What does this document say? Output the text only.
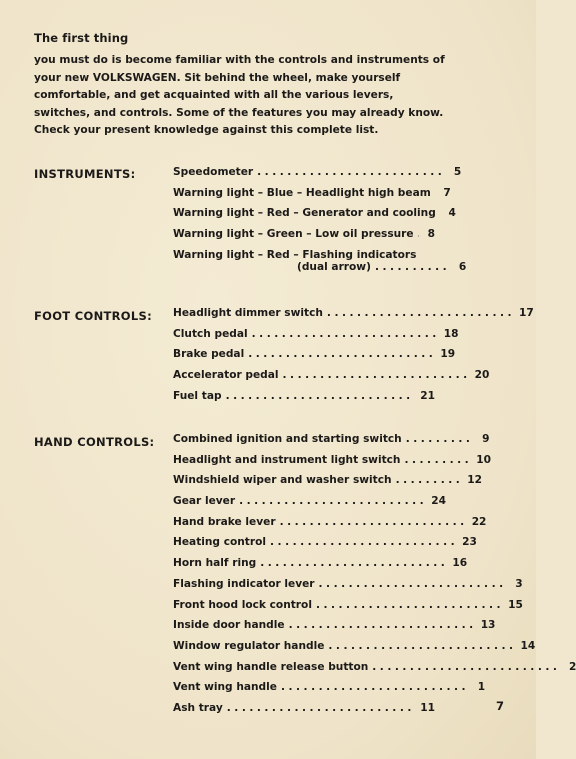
The first thing
you must do is become familiar with the controls and instruments of your new VOLKSWAGEN. Sit behind the wheel, make yourself comfortable, and get acquainted with all the various levers, switches, and controls. Some of the features you may already know. Check your present knowledge against this complete list.
INSTRUMENTS:	Speedometer ......................... 5
Warning light – Blue – Headlight high beam	7
Warning light – Red – Generator and cooling	4
Warning light – Green – Low oil pressure	8
Warning light – Red – Flashing indicators
(dual arrow) .......... 6
FOOT CONTROLS: Headlight dimmer switch ......................... 17
Clutch pedal ......................... 18
Brake pedal ......................... 19
Accelerator pedal ......................... 20
Fuel tap ......................... 21
HAND CONTROLS: Combined ignition and starting switch ......... 9
Headlight and instrument light switch ......... 10
Windshield wiper and washer switch ......... 12
Gear lever ......................... 24
Hand brake lever ......................... 22
Heating control ......................... 23
Horn half ring ......................... 16
Flashing indicator lever ......................... 3
Front hood lock control ......................... 15
Inside door handle ......................... 13
Window regulator handle ......................... 14
Vent wing handle release button ......................... 2
Vent wing handle ......................... 1
Ash tray ......................... 11	7
